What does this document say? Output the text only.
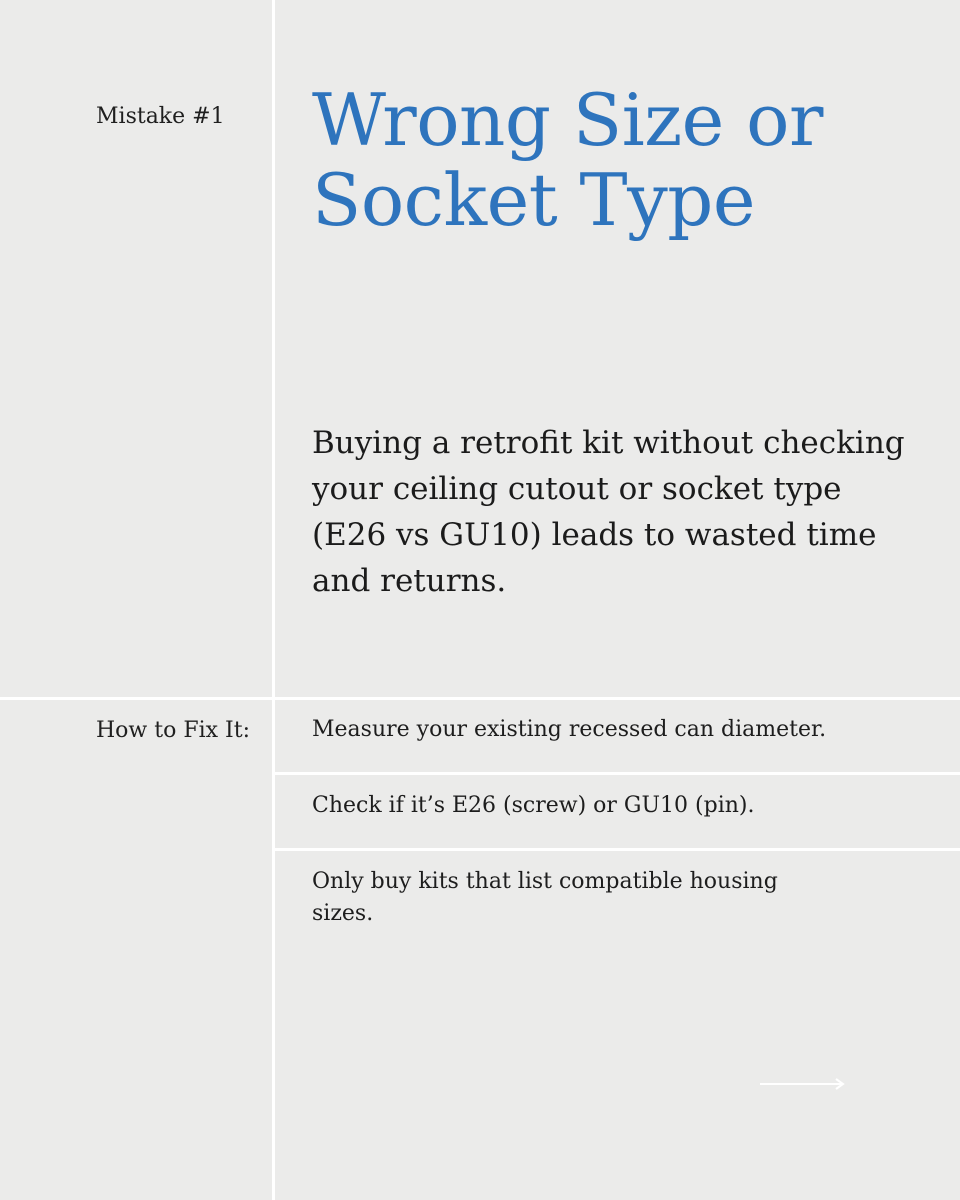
Mistake #1 Wrong Size or Socket Type
Buying a retrofit kit without checking your ceiling cutout or socket type (E26 vs GU10) leads to wasted time and returns.
How to Fix It:	Measure your existing recessed can diameter.
Check if it’s E26 (screw) or GU10 (pin).
Only buy kits that list compatible housing sizes.
